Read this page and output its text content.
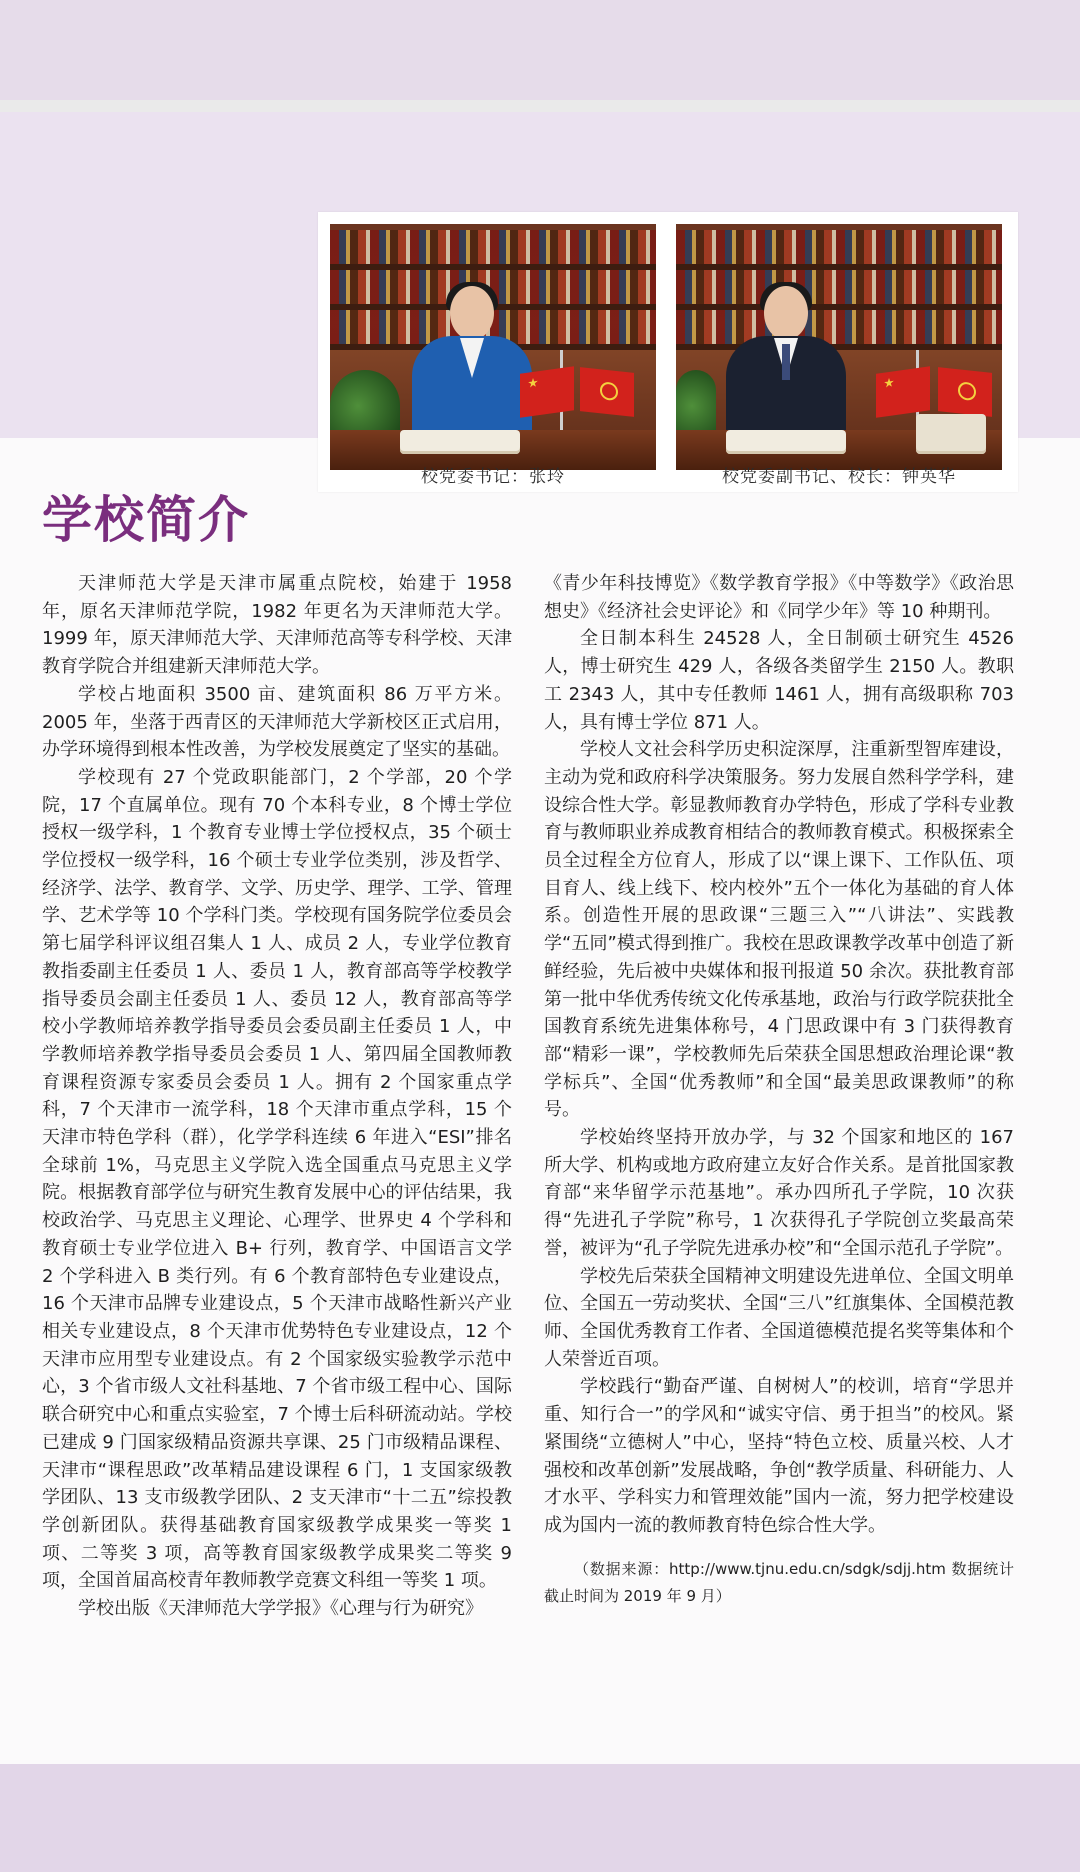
校党委书记：张玲	校党委副书记、校长：钟英华
学校简介

天津师范大学是天津市属重点院校，始建于 1958 年，原名天津师范学院，1982 年更名为天津师范大学。1999 年，原天津师范大学、天津师范高等专科学校、天津教育学院合并组建新天津师范大学。

学校占地面积 3500 亩、建筑面积 86 万平方米。2005 年，坐落于西青区的天津师范大学新校区正式启用，办学环境得到根本性改善，为学校发展奠定了坚实的基础。

学校现有 27 个党政职能部门，2 个学部，20 个学院，17 个直属单位。现有 70 个本科专业，8 个博士学位授权一级学科，1 个教育专业博士学位授权点，35 个硕士学位授权一级学科，16 个硕士专业学位类别，涉及哲学、经济学、法学、教育学、文学、历史学、理学、工学、管理学、艺术学等 10 个学科门类。学校现有国务院学位委员会第七届学科评议组召集人 1 人、成员 2 人，专业学位教育教指委副主任委员 1 人、委员 1 人，教育部高等学校教学指导委员会副主任委员 1 人、委员 12 人，教育部高等学校小学教师培养教学指导委员会委员副主任委员 1 人，中学教师培养教学指导委员会委员 1 人、第四届全国教师教育课程资源专家委员会委员 1 人。拥有 2 个国家重点学科，7 个天津市一流学科，18 个天津市重点学科，15 个天津市特色学科（群），化学学科连续 6 年进入“ESI”排名全球前 1%，马克思主义学院入选全国重点马克思主义学院。根据教育部学位与研究生教育发展中心的评估结果，我校政治学、马克思主义理论、心理学、世界史 4 个学科和教育硕士专业学位进入 B+ 行列，教育学、中国语言文学 2 个学科进入 B 类行列。有 6 个教育部特色专业建设点，16 个天津市品牌专业建设点，5 个天津市战略性新兴产业相关专业建设点，8 个天津市优势特色专业建设点，12 个天津市应用型专业建设点。有 2 个国家级实验教学示范中心，3 个省市级人文社科基地、7 个省市级工程中心、国际联合研究中心和重点实验室，7 个博士后科研流动站。学校已建成 9 门国家级精品资源共享课、25 门市级精品课程、天津市“课程思政”改革精品建设课程 6 门，1 支国家级教学团队、13 支市级教学团队、2 支天津市“十二五”综投教学创新团队。获得基础教育国家级教学成果奖一等奖 1 项、二等奖 3 项，高等教育国家级教学成果奖二等奖 9 项，全国首届高校青年教师教学竞赛文科组一等奖 1 项。

学校出版《天津师范大学学报》《心理与行为研究》

《青少年科技博览》《数学教育学报》《中等数学》《政治思想史》《经济社会史评论》和《同学少年》等 10 种期刊。

全日制本科生 24528 人，全日制硕士研究生 4526 人，博士研究生 429 人，各级各类留学生 2150 人。教职工 2343 人，其中专任教师 1461 人，拥有高级职称 703 人，具有博士学位 871 人。

学校人文社会科学历史积淀深厚，注重新型智库建设，主动为党和政府科学决策服务。努力发展自然科学学科，建设综合性大学。彰显教师教育办学特色，形成了学科专业教育与教师职业养成教育相结合的教师教育模式。积极探索全员全过程全方位育人，形成了以“课上课下、工作队伍、项目育人、线上线下、校内校外”五个一体化为基础的育人体系。创造性开展的思政课“三题三入”“八讲法”、实践教学“五同”模式得到推广。我校在思政课教学改革中创造了新鲜经验，先后被中央媒体和报刊报道 50 余次。获批教育部第一批中华优秀传统文化传承基地，政治与行政学院获批全国教育系统先进集体称号，4 门思政课中有 3 门获得教育部“精彩一课”，学校教师先后荣获全国思想政治理论课“教学标兵”、全国“优秀教师”和全国“最美思政课教师”的称号。

学校始终坚持开放办学，与 32 个国家和地区的 167 所大学、机构或地方政府建立友好合作关系。是首批国家教育部“来华留学示范基地”。承办四所孔子学院，10 次获得“先进孔子学院”称号，1 次获得孔子学院创立奖最高荣誉，被评为“孔子学院先进承办校”和“全国示范孔子学院”。

学校先后荣获全国精神文明建设先进单位、全国文明单位、全国五一劳动奖状、全国“三八”红旗集体、全国模范教师、全国优秀教育工作者、全国道德模范提名奖等集体和个人荣誉近百项。

学校践行“勤奋严谨、自树树人”的校训，培育“学思并重、知行合一”的学风和“诚实守信、勇于担当”的校风。紧紧围绕“立德树人”中心，坚持“特色立校、质量兴校、人才强校和改革创新”发展战略，争创“教学质量、科研能力、人才水平、学科实力和管理效能”国内一流，努力把学校建设成为国内一流的教师教育特色综合性大学。

（数据来源：http://www.tjnu.edu.cn/sdgk/sdjj.htm 数据统计截止时间为 2019 年 9 月）
